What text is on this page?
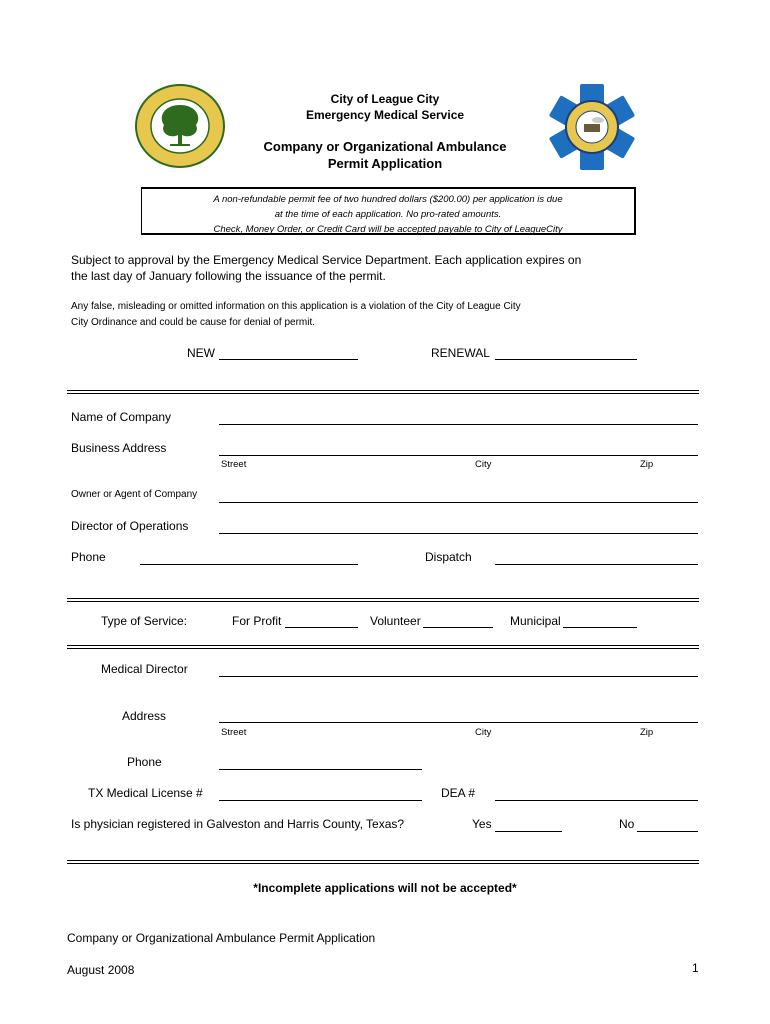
City of League City
Emergency Medical Service
Company or Organizational Ambulance
Permit Application
A non-refundable permit fee of two hundred dollars ($200.00) per application is due
at the time of each application. No pro-rated amounts.
Check, Money Order, or Credit Card will be accepted payable to City of LeagueCity
Subject to approval by the Emergency Medical Service Department. Each application expires on
the last day of January following the issuance of the permit.
Any false, misleading or omitted information on this application is a violation of the City of League City
City Ordinance and could be cause for denial of permit.
NEW	RENEWAL
Name of Company
Business Address
Street	City	Zip
Owner or Agent of Company
Director of Operations
Phone	Dispatch
Type of Service:	For Profit	Volunteer	Municipal
Medical Director
Address
Street	City	Zip
Phone
TX Medical License #	DEA #
Is physician registered in Galveston and Harris County, Texas?	Yes	No
*Incomplete applications will not be accepted*
Company or Organizational Ambulance Permit Application
August 2008	1
